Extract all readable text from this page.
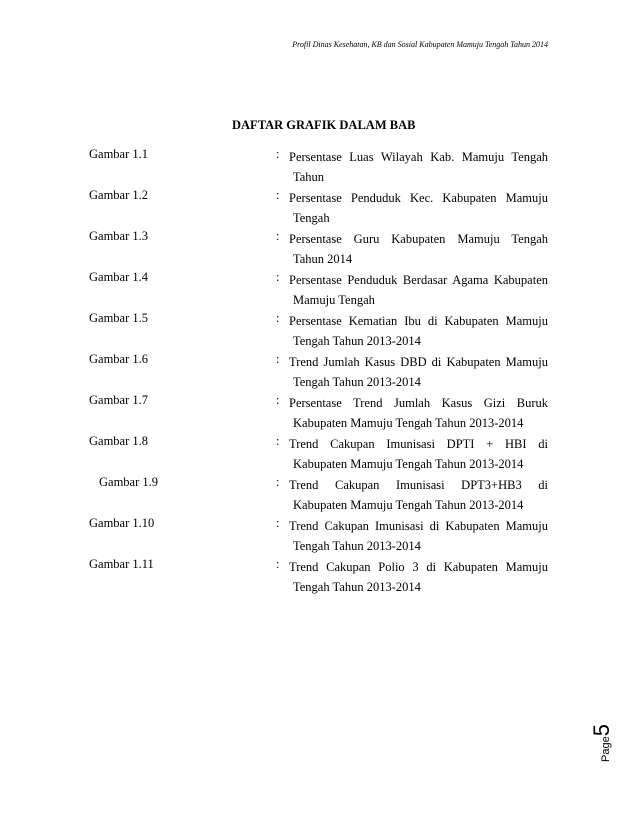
Profil Dinas Kesehatan, KB dan Sosial Kabupaten Mamuju Tengah Tahun 2014
DAFTAR GRAFIK DALAM BAB
Gambar 1.1	: Persentase Luas Wilayah Kab. Mamuju Tengah
Tahun
Gambar 1.2	: Persentase Penduduk Kec. Kabupaten Mamuju
Tengah
Gambar 1.3	: Persentase Guru Kabupaten Mamuju Tengah
Tahun 2014
Gambar 1.4	: Persentase Penduduk Berdasar Agama Kabupaten
Mamuju Tengah
Gambar 1.5	: Persentase Kematian Ibu di Kabupaten Mamuju
Tengah Tahun 2013-2014
Gambar 1.6	: Trend Jumlah Kasus DBD di Kabupaten Mamuju
Tengah Tahun 2013-2014
Gambar 1.7	: Persentase Trend Jumlah Kasus Gizi Buruk
Kabupaten Mamuju Tengah Tahun 2013-2014
Gambar 1.8	: Trend Cakupan Imunisasi DPTI + HBI di
Kabupaten Mamuju Tengah Tahun 2013-2014
Gambar 1.9	: Trend Cakupan Imunisasi DPT3+HB3 di
Kabupaten Mamuju Tengah Tahun 2013-2014
Gambar 1.10	: Trend Cakupan Imunisasi di Kabupaten Mamuju
Tengah Tahun 2013-2014
Gambar 1.11	: Trend Cakupan Polio 3 di Kabupaten Mamuju
Tengah Tahun 2013-2014
Page5
